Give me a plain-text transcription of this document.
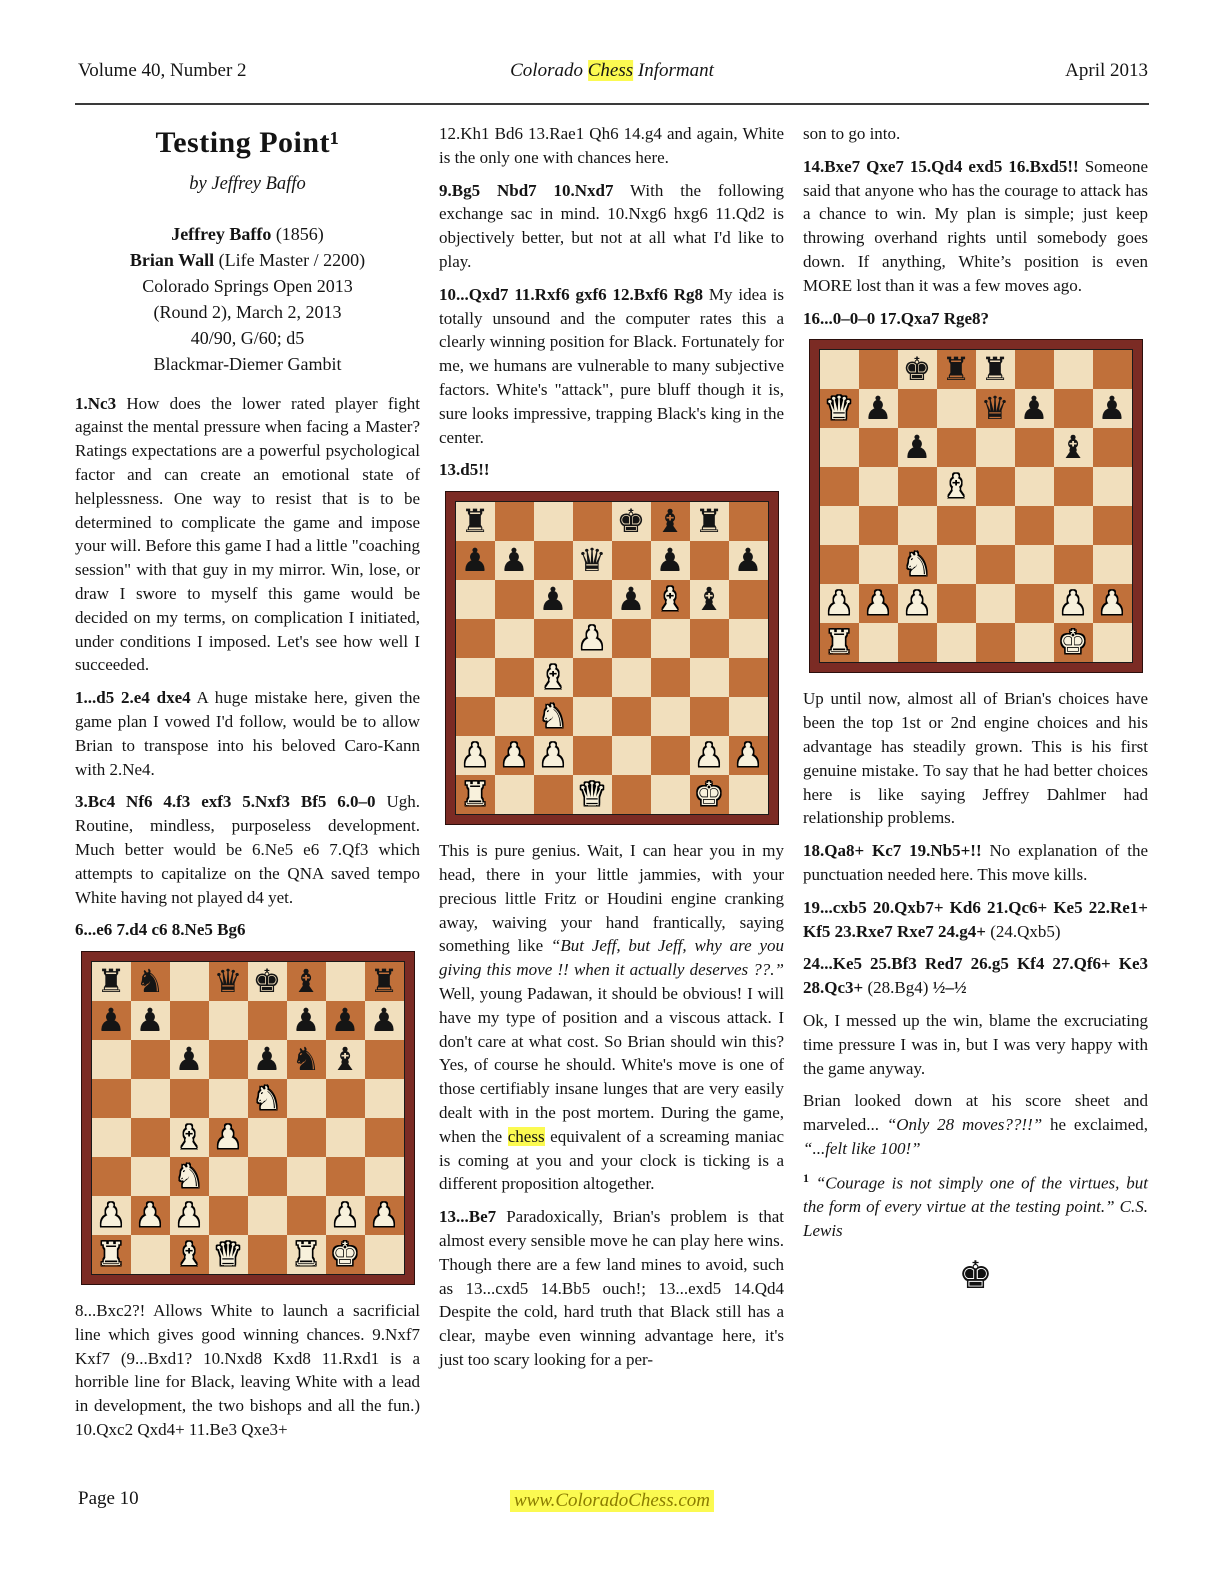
Volume 40, Number 2	Colorado Chess Informant	April 2013
Testing Point¹
by Jeffrey Baffo
Jeffrey Baffo (1856)
Brian Wall (Life Master / 2200)
Colorado Springs Open 2013
(Round 2), March 2, 2013
40/90, G/60; d5
Blackmar-Diemer Gambit

1.Nc3 How does the lower rated player fight against the mental pressure when facing a Master? Ratings expectations are a powerful psychological factor and can create an emotional state of helplessness. One way to resist that is to be determined to complicate the game and impose your will. Before this game I had a little "coaching session" with that guy in my mirror. Win, lose, or draw I swore to myself this game would be decided on my terms, on complication I initiated, under conditions I imposed. Let's see how well I succeeded.

1...d5 2.e4 dxe4 A huge mistake here, given the game plan I vowed I'd follow, would be to allow Brian to transpose into his beloved Caro-Kann with 2.Ne4.

3.Bc4 Nf6 4.f3 exf3 5.Nxf3 Bf5 6.0–0 Ugh. Routine, mindless, purposeless development. Much better would be 6.Ne5 e6 7.Qf3 which attempts to capitalize on the QNA saved tempo White having not played d4 yet.

6...e6 7.d4 c6 8.Ne5 Bg6

♜ ♞ ♛ ♚ ♝ ♜
♟ ♟	♟ ♟ ♟
♟ ♟ ♞ ♝
♞
♝ ♟
♞
♟ ♟ ♟	♟ ♟
♜ ♝ ♛ ♜ ♚

8...Bxc2?! Allows White to launch a sacrificial line which gives good winning chances. 9.Nxf7 Kxf7 (9...Bxd1? 10.Nxd8 Kxd8 11.Rxd1 is a horrible line for Black, leaving White with a lead in development, the two bishops and all the fun.) 10.Qxc2 Qxd4+ 11.Be3 Qxe3+

12.Kh1 Bd6 13.Rae1 Qh6 14.g4 and again, White is the only one with chances here.

9.Bg5 Nbd7 10.Nxd7 With the following exchange sac in mind. 10.Nxg6 hxg6 11.Qd2 is objectively better, but not at all what I'd like to play.

10...Qxd7 11.Rxf6 gxf6 12.Bxf6 Rg8 My idea is totally unsound and the computer rates this a clearly winning position for Black. Fortunately for me, we humans are vulnerable to many subjective factors. White's "attack", pure bluff though it is, sure looks impressive, trapping Black's king in the center.

13.d5!!

♜	♚ ♝ ♜
♟ ♟ ♛ ♟ ♟
♟ ♟ ♝ ♝
♟
♝
♞
♟ ♟ ♟	♟ ♟
♜	♛	♚

This is pure genius. Wait, I can hear you in my head, there in your little jammies, with your precious little Fritz or Houdini engine cranking away, waiving your hand frantically, saying something like “But Jeff, but Jeff, why are you giving this move !! when it actually deserves ??.” Well, young Padawan, it should be obvious! I will have my type of position and a viscous attack. I don't care at what cost. So Brian should win this? Yes, of course he should. White's move is one of those certifiably insane lunges that are very easily dealt with in the post mortem. During the game, when the chess equivalent of a screaming maniac is coming at you and your clock is ticking is a different proposition altogether.

13...Be7 Paradoxically, Brian's problem is that almost every sensible move he can play here wins. Though there are a few land mines to avoid, such as 13...cxd5 14.Bb5 ouch!; 13...exd5 14.Qd4 Despite the cold, hard truth that Black still has a clear, maybe even winning advantage here, it's just too scary looking for a per-

son to go into.

14.Bxe7 Qxe7 15.Qd4 exd5 16.Bxd5!! Someone said that anyone who has the courage to attack has a chance to win. My plan is simple; just keep throwing overhand rights until somebody goes down. If anything, White’s position is even MORE lost than it was a few moves ago.

16...0–0–0 17.Qxa7 Rge8?

♚ ♜ ♜
♛ ♟	♛ ♟ ♟
♟	♝
♝
♞
♟ ♟ ♟	♟ ♟
♜	♚

Up until now, almost all of Brian's choices have been the top 1st or 2nd engine choices and his advantage has steadily grown. This is his first genuine mistake. To say that he had better choices here is like saying Jeffrey Dahlmer had relationship problems.

18.Qa8+ Kc7 19.Nb5+!! No explanation of the punctuation needed here. This move kills.

19...cxb5 20.Qxb7+ Kd6 21.Qc6+ Ke5 22.Re1+ Kf5 23.Rxe7 Rxe7 24.g4+ (24.Qxb5)

24...Ke5 25.Bf3 Red7 26.g5 Kf4 27.Qf6+ Ke3 28.Qc3+ (28.Bg4) ½–½

Ok, I messed up the win, blame the excruciating time pressure I was in, but I was very happy with the game anyway.

Brian looked down at his score sheet and marveled... “Only 28 moves??!!” he exclaimed, “...felt like 100!”

$^1$ “Courage is not simply one of the virtues, but the form of every virtue at the testing point.” C.S. Lewis

♚
Page 10	www.ColoradoChess.com
